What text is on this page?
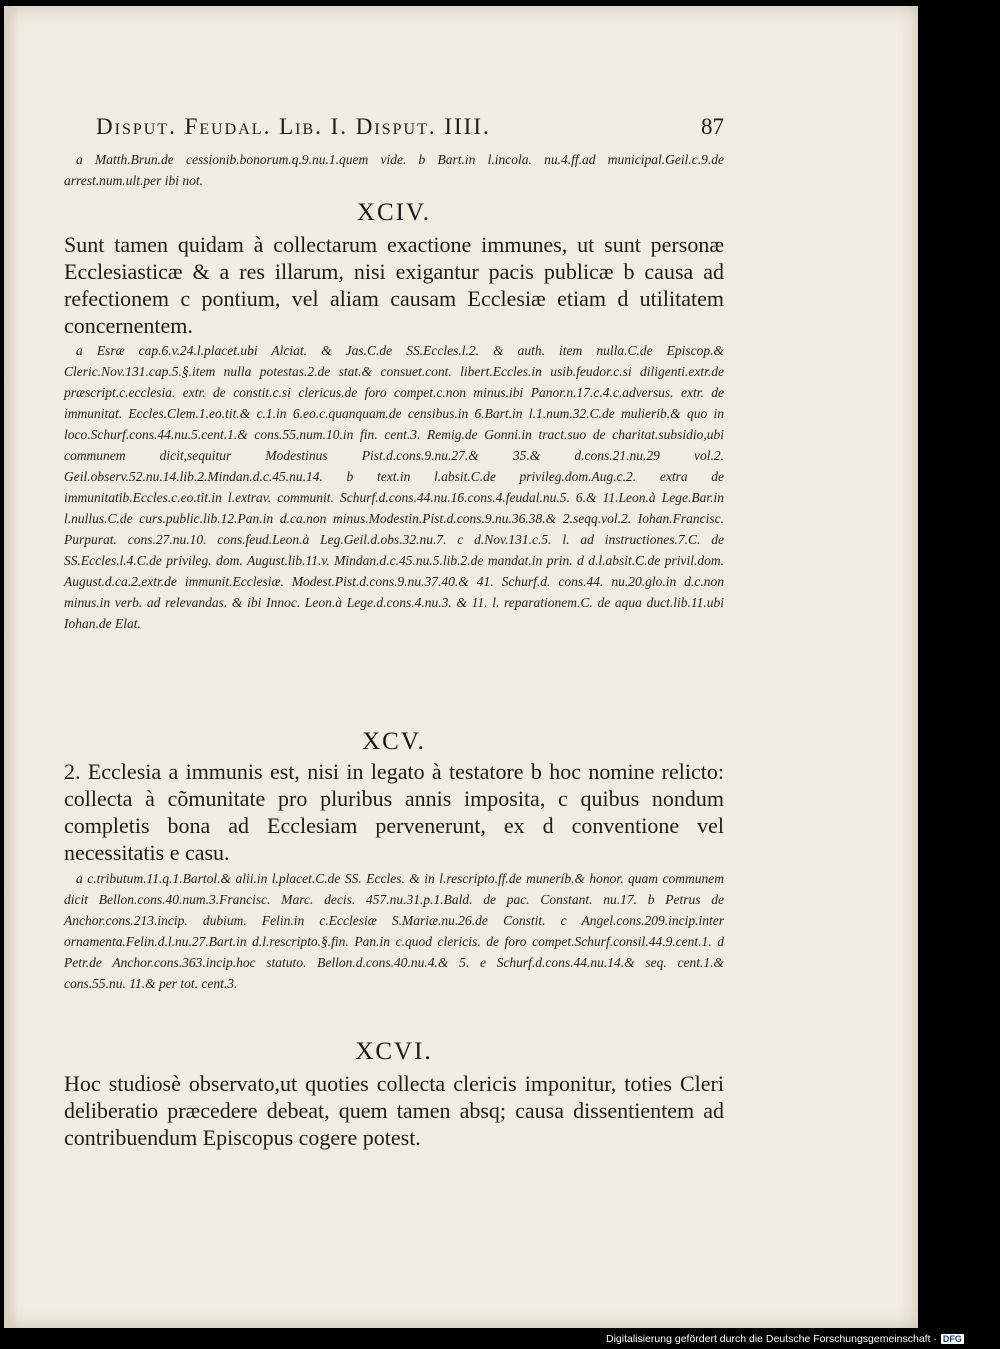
Disput. Feudal. Lib. I. Disput. IIII.	87
a Matth.Brun.de cessionib.bonorum.q.9.nu.1.quem vide. b Bart.in l.incola. nu.4.ff.ad municipal.Geil.c.9.de arrest.num.ult.per ibi not.
XCIV.
Sunt tamen quidam à collectarum exactione immunes, ut sunt personæ Ecclesiasticæ & a res illarum, nisi exigantur pacis publicæ b causa ad refectionem c pontium, vel aliam causam Ecclesiæ etiam d utilitatem concernentem.
a Esræ cap.6.v.24.l.placet.ubi Alciat. & Jas.C.de SS.Eccles.l.2. & auth. item nulla.C.de Episcop.& Cleric.Nov.131.cap.5.§.item nulla potestas.2.de stat.& consuet.cont. libert.Eccles.in usib.feudor.c.si diligenti.extr.de præscript.c.ecclesia. extr. de constit.c.si clericus.de foro compet.c.non minus.ibi Panor.n.17.c.4.c.adversus. extr. de immunitat. Eccles.Clem.1.eo.tit.& c.1.in 6.eo.c.quanquam.de censibus.in 6.Bart.in l.1.num.32.C.de mulierib.& quo in loco.Schurf.cons.44.nu.5.cent.1.& cons.55.num.10.in fin. cent.3. Remig.de Gonni.in tract.suo de charitat.subsidio,ubi communem dicit,sequitur Modestinus Pist.d.cons.9.nu.27.& 35.& d.cons.21.nu.29 vol.2. Geil.observ.52.nu.14.lib.2.Mindan.d.c.45.nu.14. b text.in l.absit.C.de privileg.dom.Aug.c.2. extra de immunitatib.Eccles.c.eo.tit.in l.extrav. communit. Schurf.d.cons.44.nu.16.cons.4.feudal.nu.5. 6.& 11.Leon.à Lege.Bar.in l.nullus.C.de curs.public.lib.12.Pan.in d.ca.non minus.Modestin.Pist.d.cons.9.nu.36.38.& 2.seqq.vol.2. Iohan.Francisc. Purpurat. cons.27.nu.10. cons.feud.Leon.à Leg.Geil.d.obs.32.nu.7. c d.Nov.131.c.5. l. ad instructiones.7.C. de SS.Eccles.l.4.C.de privileg. dom. August.lib.11.v. Mindan.d.c.45.nu.5.lib.2.de mandat.in prin. d d.l.absit.C.de privil.dom. August.d.ca.2.extr.de immunit.Ecclesiæ. Modest.Pist.d.cons.9.nu.37.40.& 41. Schurf.d. cons.44. nu.20.glo.in d.c.non minus.in verb. ad relevandas. & ibi Innoc. Leon.à Lege.d.cons.4.nu.3. & 11. l. reparationem.C. de aqua duct.lib.11.ubi Iohan.de Elat.
XCV.
2. Ecclesia a immunis est, nisi in legato à testatore b hoc nomine relicto: collecta à cõmunitate pro pluribus annis imposita, c quibus nondum completis bona ad Ecclesiam pervenerunt, ex d conventione vel necessitatis e casu.
a c.tributum.11.q.1.Bartol.& alii.in l.placet.C.de SS. Eccles. & in l.rescripto.ff.de muneríb.& honor. quam communem dicit Bellon.cons.40.num.3.Francisc. Marc. decis. 457.nu.31.p.1.Bald. de pac. Constant. nu.17. b Petrus de Anchor.cons.213.incip. dubium. Felin.in c.Ecclesiæ S.Mariæ.nu.26.de Constit. c Angel.cons.209.incip.inter ornamenta.Felin.d.l.nu.27.Bart.in d.l.rescripto.§.fin. Pan.in c.quod clericis. de foro compet.Schurf.consil.44.9.cent.1. d Petr.de Anchor.cons.363.incip.hoc statuto. Bellon.d.cons.40.nu.4.& 5. e Schurf.d.cons.44.nu.14.& seq. cent.1.& cons.55.nu. 11.& per tot. cent.3.
XCVI.
Hoc studiosè observato,ut quoties collecta clericis imponitur, toties Cleri deliberatio præcedere debeat, quem tamen absq; causa dissentientem ad contribuendum Episcopus cogere potest.
Digitalisierung gefördert durch die Deutsche Forschungsgemeinschaft · DFG
